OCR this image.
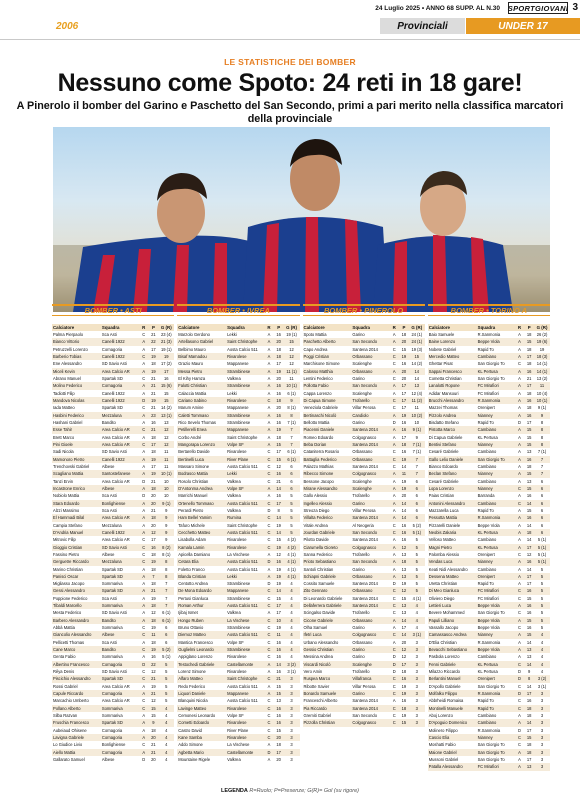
24 Luglio 2025 • ANNO 68 SUPP. AL N.30 SPORTGIOVANI 3
2006	Provinciali	UNDER 17
LE STATISTICHE DEI BOMBER
Nessuno come Spoto: 24 reti in 18 gare!
A Pinerolo il bomber del Garino e Paschetto del San Secondo, primi a pari merito nella classifica marcatori della provinciale
BOMBER • ASTI
Calciatore	Squadra	R	P	G (R)
Palma Pierpaolo	Sca Asti	C	21	23 (4)
Bianco Vittorio	Canelli 1922	A	22	21 (3)
Petruzzelli Lorenzo	Cornagoria	A	17	19 (1)
Barberio Tobias	Canelli 1922	C	19	19
Ene Alessandro	SD Savio Asti	A	18	17 (2)
Miceli Kevin	Area Calcio AR	A	19	17
Abrano Manuel	Spartak SD	C	21	16
Molino Federico	Cornagoria	A	21	15 (6)
Tadiotti Filip	Canelli 1922	A	21	15
Mandova Nicolas	Canelli 1922	D	19	15
Iada Matteo	Spartak SD	C	21	14 (2)
Hasbini Federico	Mezzaluna	A	23	13 (1)
Hashani Gabriel	Bandito	A	16	13
Esse Tahir	Area Calcio AR	C	21	12
Brett Marco	Area Calcio AR	A	18	12
Pini Gioele	Area Calcio AR	C	17	12
Sadi Nicola	SD Savio Asti	A	18	11
Mamonoro Pietro	Canelli 1922	A	19	11
Trenchovski Gabriel	Albese	A	17	11
Scagliano Mattia	Santostefanese	A	19	10 (1)
Tanzi Ervin	Area Calcio AR	D	21	10
Incastrone Enrico	Albese	A	18	10
Nobiolo Mattia	Sca Asti	D	20	10
Stara Edoardo	Bonlighiense	A	20	9 (1)
Alzzi Massimo	Sca Asti	A	21	9
El Hammadi Bilal	Area Calcio AR	A	18	9
Campia Stefano	Mezzaluna	A	20	9
D'Andria Manuel	Canelli 1922	A	12	9
Mitrovic Filip	Area Calcio AR	C	17	9
Gioggio Cristian	SD Savio Asti	C	16	8 (2)
Fassino Pietro	Albese	C	18	8 (1)
Gerguetre Riccardo	Mezzaluna	C	19	8
Marino Christian	Spartak SD	A	18	8
Panisci Oscar	Spartak SD	A	7	8
Migliasso Jacopo	Sommariva	A	18	7
Gessi Alessandro	Spartak SD	A	21	7
Poppione Federico	Sca Asti	A	19	7
Tibaldi Marcello	Sommariva	A	18	7
Mesta Federico	SD Savio Asti	A	12	6 (1)
Barbero Alessandro	Bandito	A	18	6 (1)
Abbà Mattia	Sommariva	C	19	6
Giancolio Alessandro	Albese	C	11	6
Pellicetti Thomas	Sca Asti	A	18	6
Cane Marco	Bandito	C	19	5 (2)
Genta Fabio	Sommariva	A	16	5 (1)
Albertino Francesco	Cornagoria	D	22	5
Rêya Denis	SD Savio Asti	C	12	5
Piscichio Alessandro	Spartak SD	C	21	5
Rossi Gabriel	Area Calcio AR	A	19	5
Capule Riccardo	Cornagoria	A	21	5
Marcachio Umberto	Area Calcio AR	C	12	5
Pollano Alberto	Sommariva	C	15	4
Silba Razvan	Sommariva	A	15	4
Fruschia Francesco	Spartak SD	A	9	4
Aubeiaud Ohisene	Cornagoria	A	18	4
Lavigna Gabriele	Cornagoria	A	20	4
Lo Giudice Livio	Bonlighiense	C	21	4
Aiello Mattia	Cornagoria	A	21	4
Gallarato Samuel	Albese	D	20	4
BOMBER • IVREA
Calciatore	Squadra	R	P	G (R)
Marzolo Gerdono	Lekki	A	16	19 (1)
Artellasono Gabriel	Saint Christophe	A	20	15
Belbimo Mauro	Aosta Calcio 511	A	18	12
Bisaf Mamadou	Rivarolese	A	18	12
Grazio Mauro	Mappanese	A	17	12
Messa Pietro	Strambinese	A	19	11 (1)
El Kihy Hamza	Valkrea	A	20	11
Falotti Christian	Strambinese	A	16	10 (1)
Calaccia Mattia	Lekki	A	16	6 (1)
Cariano Sabino	Rivarolese	C	18	9
Marum Amine	Mappanese	A	20	8 (1)
Caletti Tommaso	Strambinese	A	16	8
Rico Sevelo Thomas	Strambinese	A	16	7 (1)
Petillerelli Enea	Mappanese	A	19	7
Corbo André	Saint Christophe	A	18	7
Mangorapa Lorenzo	Volpe SF	A	15	7
Bertarello Davide	Rivarolese	C	17	6 (1)
Bertinelli Luca	River Plane	C	15	6 (1)
Massaro Simone	Aosta Calcio 511	C	12	6
Bodrasco Mattia	Lekki	C	16	6
Rosolo Christian	Valkrea	C	21	6
D'Antonma Andrea	Volpe SF	A	14	6
Marrichi Manuel	Valkrea	A	16	5
Ortenello Tommaso	Aosta Calcio 511	C	17	5
Perardi Pietro	Valkrea	D	8	5
Ham Bellel Yamim	Rumina	C	14	5
Tafuro Michele	Saint Christophe	C	19	5
Cecchetto Matteo	Aosta Calcio 511	C	14	5
Lisabolla Adam	Rivarolese	C	15	4 (2)
Kamala Lamin	Rivarolese	C	19	4 (2)
Apicella Damiano	La Vischese	A	12	4 (1)
Cetara Elia	Aosta Calcio 511	D	16	4 (1)
Foletto Franco	Aosta Calcio 511	A	19	4 (1)
Blanda Cristian	Lekki	A	19	4 (1)
Centotto Andrea	Strambinese	D	19	4
De Mona Edoardo	Mappanese	C	14	4
Pertusi Gianluca	Strambinese	C	15	4
Roman Arthur	Aosta Calcio 511	C	17	4
Ijibaj Ismet	Valkrea	A	17	4
Hongo Ruben	La Vischese	C	10	4
Bruno Ottavio	Strambinese	C	19	4
Diemoz Matteo	Aosta Calcio 511	C	11	4
Mantica Francesco	Volpe SF	C	16	4
Guglielmi Leonardo	Strambinese	C	16	4
Appiglano Lorenzo	Rivarolese	C	16	4
Testochedi Gabriele	Castellamonte	A	14	3 (2)
Lorenz Simone	Rivarolese	A	16	3 (1)
Alfaro Matteo	Saint Christophe	C	21	3
Redo Federico	Aosta Calcio 511	A	15	3
Liquori Daniele	Mappanese	A	15	3
Blanquini Nicola	Aosta Calcio 511	C	13	3
Lavinge Matteo	Rivarolese	C	16	3
Cemonesi Leonardo	Volpe SF	C	16	3
Cometti Edoardo	Rivarolese	C	16	3
Castro David	River Plane	C	15	3
Kane Samba	Rivarolese	C	20	3
Addo Simone	La Vischese	A	18	3
Agbetta Mario	Castellamonte	D	17	3
Mountaine Rigele	Valkrea	A	20	3
BOMBER • PINEROLO
Calciatore	Squadra	R	P	G (R)
Spoto Mattia	Garino	A	18	24 (1)
Paschetto Alberto	San Secondo	A	20	24 (1)
Capo Andrea	Santena 2014	C	15	19 (3)
Poggi Cristian	Orbassano	C	19	15
Marchisone Simone	Scalenghe	C	16	14 (2)
Calosso Matthia	Orbassano	A	20	14
Lentini Federico	Garino	C	20	14
Pollotta Fabio	San Secondo	A	17	13
Cappa Lorenzo	Scalenghe	A	17	12 (4)
Di Capua Simone	Trofarello	C	17	11 (2)
Veneziola Gabriele	Villar Perosa	C	17	11
Bertinaschi Nicolò	Candiolo	A	19	10 (2)
Bellotto Mattia	Garino	D	16	10
Piacenni Daniele	Santena 2014	A	16	9 (1)
Romeo Edoardo	Colgognasco	A	17	9
Beba Dorian	Santena 2014	A	18	7 (1)
Cataniterra Rosario	Orbassano	C	16	7 (1)
Battaglia Federico	Orbassano	C	19	7
Palazzo Mathias	Santena 2014	C	14	7
Ribecco Simone	Colgognasco	A	11	7
Bessone Jacopo	Scalenghe	A	19	6
Mirane Alessandro	Scalenghe	A	19	6
Gallo Alessio	Trofarello	A	20	6
Ingelleo Alessio	Garino	A	14	6
Streoza Diego	Villar Perosa	A	14	6
Villalta Federico	Santena 2014	A	14	6
Vitale Andrea	Al Neogeria	C	16	5 (2)
Jourdan Gabriele	San Secondo	C	16	5 (1)
Pilotto Davide	Santena 2014	A	16	5
Ciarumella Gioreto	Colgognasco	A	12	5
Sanna Federico	Trofarello	A	13	5
Prioto Sebastiano	San Secondo	A	18	5
Santoli Christian	Garino	A	13	5
Schiapni Gabriele	Orbassano	A	13	5
Cossito Samuele	Santena 2014	D	19	5
Zito Gennaro	Orbassano	C	12	5
Di Leonardo Gabriele	Santena 2014	C	15	4 (1)
Dellaferrera Gabriele	Santena 2014	C	13	4
Scingalso Davide	Trofarello	C	13	4
Cicone Gabriele	Orbassano	A	14	4
Olha Samuel	Garino	A	17	4
Ifetri Luca	Colgognasco	C	14	3 (1)
Urbano Alessandro	Orbassano	A	20	3
Gessio Christian	Garino	C	12	3
Messina Andrea	Garino	D	12	3
Viscardi Nicolò	Scalenghe	D	17	3
Vero Amin	Trofarello	D	18	3
Ruspea Marco	Villafranca	C	16	3
Ribotte Xavier	Villar Perosa	C	19	3
Bonardo Samuele	Garino	C	19	3
Franceschi Alberto	Santena 2014	A	16	3
Pia Riccardo	Santena 2014	C	18	3
Gremiti Gabriel	San Secondo	C	19	3
Pizzolla Christian	Colgognasco	C	15	3
BOMBER • TORINO A
Calciatore	Squadra	R	P	G (R)
Baio Samuele	R.Sanmonia	A	18	26 (2)
Baine Lorenzo	Beppe Viola	A	15	19 (6)
Nobete Gabriel	Rapid To	A	18	19
Mercedio Matteo	Cambiano	A	17	18 (3)
Ghettar Pisat	San Giorgio To	C	18	14 (1)
Sappai Francesco	KL Pertusa	A	16	14 (1)
Cometta Christian	San Giorgio To	A	21	13 (2)
Lanalotti Ropone	FC Mirafiori	A	17	11
Adidar Mansouri	FC Mirafiori	A	18	10 (4)
Brucchi Alessandro	R.Sanmonia	A	16	10 (1)
Mazzei Thomas	Orenipert	A	18	9 (1)
Pizzolo Andrea	Nianney	A	16	9
Bisdatto Stefano	Rapid To	D	17	8
Pistotta Marco	Cambiano	A	15	8
Di Capua Gabriele	KL Pertusa	A	15	8
Bentivi Stefano	Nianney	A	15	8
Cesaré Gabriele	Cambiano	A	13	7 (1)
Gallo Lelio Daniele	San Giorgio To	A	16	7
Bianco Edoardo	Cambiano	A	18	7
Beclan Stefano	Nianney	A	15	7
Cesaré Gabriele	Cambiano	A	13	6
Lopa Lorenzo	Nianney	C	15	6
Paias Cristian	Barranda	A	16	6
Antonini Alessandro	Cambiano	C	14	6
Mazzarella Luca	Rapid To	A	15	6
Pessotta Mattia	R.Sanmonia	A	16	6
Pizzarelli Daniele	Beppe Viola	A	14	6
Neobis Zakaria	KL Pertusa	A	18	6
Velloso Matteo	Cambiano	A	14	5 (1)
Magni Pietro	KL Pertusa	A	17	5 (1)
Palomba Alessio	Orenipert	C	12	5 (1)
Vendas Luca	Nianney	A	16	5 (1)
Keati Nidi Alessandro	Cambiano	A	14	5
Dessena Matteo	Orenipert	A	17	5
Uretta Christian	Rapid To	A	17	5
Di Meo Gianluca	FC Mirafiori	C	16	5
Oliviero Diego	FC Mirafiori	C	15	5
Lettieri Luca	Beppe Viola	A	16	5
Bevere Mohammed	San Giorgio To	C	16	5
Papuli Lilliano	Beppe Viola	A	15	5
Vassallo Jacopo	Beppe Viola	C	16	5
Camassasco Andrea	Nianney	A	15	4
D'Elia Christian	R.Sanmonia	A	14	4
Bevacchi Sebastiano	Beppe Viola	A	13	4
Pasbola Lorenzo	Cambiano	A	13	4
Fenni Gabriele	KL Pertusa	C	14	4
Milazzo Riccardo	KL Pertusa	D	9	4
Berlantini Manuel	Orenipert	D	8	3 (2)
D'Apollo Gabriele	San Giorgio To	C	14	3 (1)
Molfalko Filippo	R.Sanmonia	D	17	3
Abbrheidi Romaisa	Rapid To	C	16	3
Montinelli Manuele	Rapid To	C	18	3
Aboj Lorenzo	Cambiano	A	18	3
D'Apoguio Domenico	Cambiano	A	14	3
Molinero Filippo	R.Sanmonia	D	17	3
Cascio Elia	Nianney	C	15	3
Moshatti Fabio	San Giorgio To	C	18	3
Maione Gabriel	San Giorgio To	A	18	3
Mussoni Gabriel	San Giorgio To	A	17	3
Patalla Alessandro	FC Mirafiori	A	13	3
LEGENDA R=Ruolo; P=Presenze; G(R)= Gol (su rigore)
